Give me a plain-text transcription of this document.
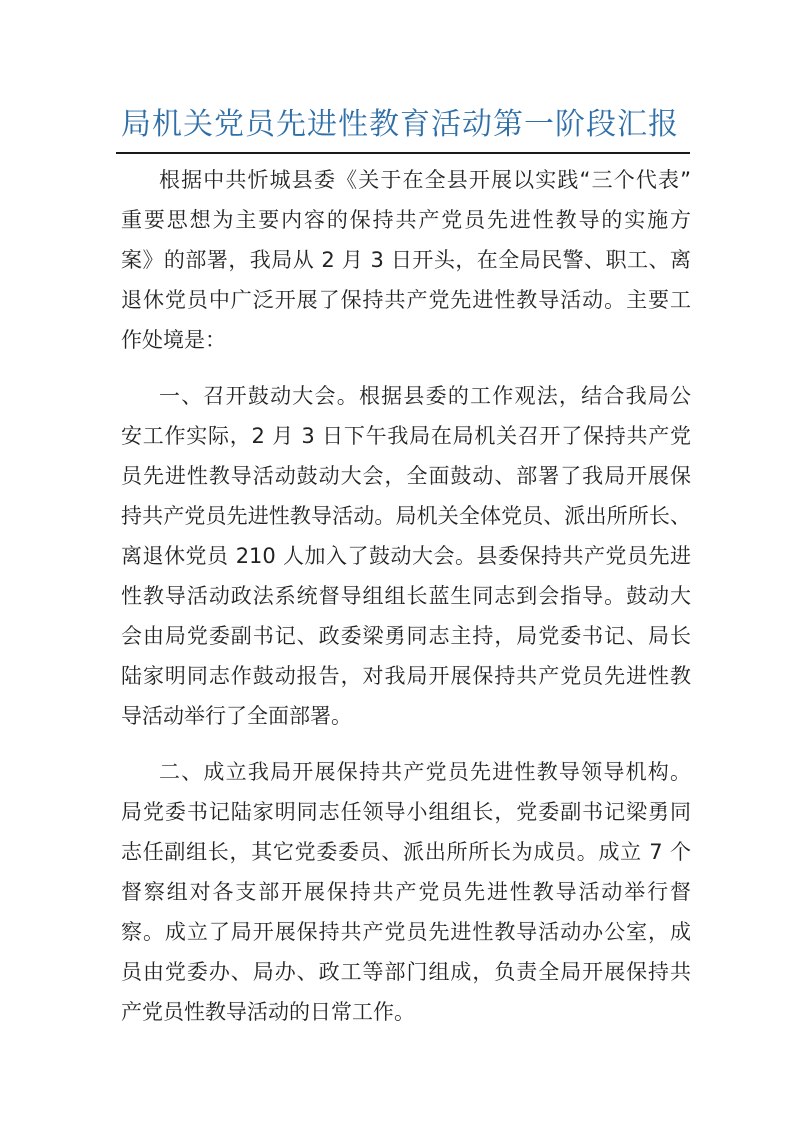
局机关党员先进性教育活动第一阶段汇报
根据中共忻城县委《关于在全县开展以实践“三个代表”
重要思想为主要内容的保持共产党员先进性教导的实施方
案》的部署，我局从 2 月 3 日开头，在全局民警、职工、离
退休党员中广泛开展了保持共产党先进性教导活动。主要工
作处境是：
一、召开鼓动大会。根据县委的工作观法，结合我局公
安工作实际，2 月 3 日下午我局在局机关召开了保持共产党
员先进性教导活动鼓动大会，全面鼓动、部署了我局开展保
持共产党员先进性教导活动。局机关全体党员、派出所所长、
离退休党员 210 人加入了鼓动大会。县委保持共产党员先进
性教导活动政法系统督导组组长蓝生同志到会指导。鼓动大
会由局党委副书记、政委梁勇同志主持，局党委书记、局长
陆家明同志作鼓动报告，对我局开展保持共产党员先进性教
导活动举行了全面部署。
二、成立我局开展保持共产党员先进性教导领导机构。
局党委书记陆家明同志任领导小组组长，党委副书记梁勇同
志任副组长，其它党委委员、派出所所长为成员。成立 7 个
督察组对各支部开展保持共产党员先进性教导活动举行督
察。成立了局开展保持共产党员先进性教导活动办公室，成
员由党委办、局办、政工等部门组成，负责全局开展保持共
产党员性教导活动的日常工作。
